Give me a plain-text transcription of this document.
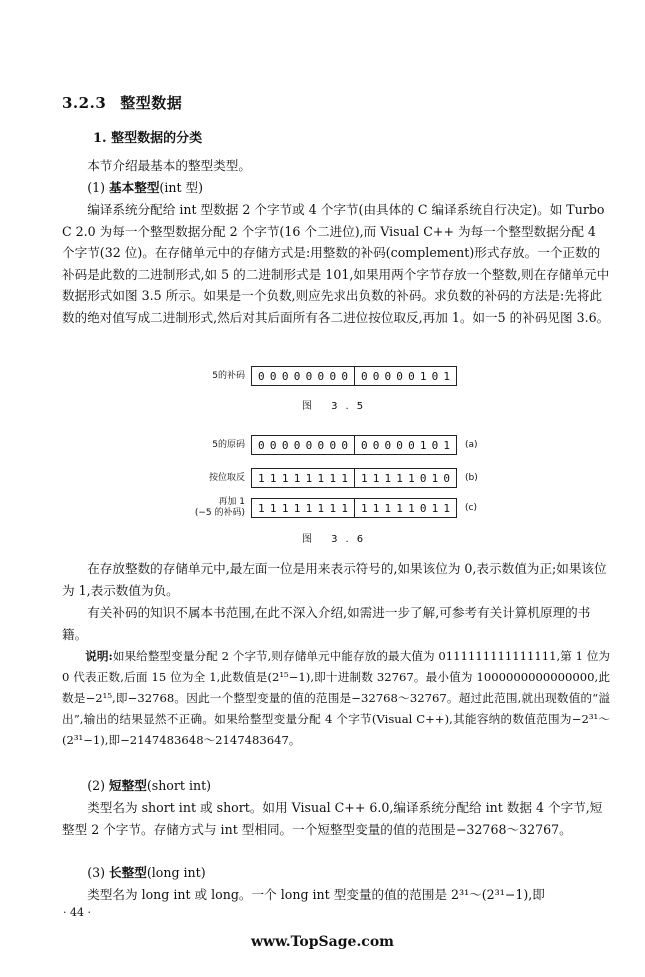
3.2.3 整型数据
1. 整型数据的分类
本节介绍最基本的整型类型。
(1) 基本整型(int 型)
编译系统分配给 int 型数据 2 个字节或 4 个字节(由具体的 C 编译系统自行决定)。如 Turbo C 2.0 为每一个整型数据分配 2 个字节(16 个二进位),而 Visual C++ 为每一个整型数据分配 4 个字节(32 位)。在存储单元中的存储方式是:用整数的补码(complement)形式存放。一个正数的补码是此数的二进制形式,如 5 的二进制形式是 101,如果用两个字节存放一个整数,则在存储单元中数据形式如图 3.5 所示。如果是一个负数,则应先求出负数的补码。求负数的补码的方法是:先将此数的绝对值写成二进制形式,然后对其后面所有各二进位按位取反,再加 1。如一5 的补码见图 3.6。
5的补码	0 0 0 0 0 0 0 0 0 0 0 0 0 1 0 1
图 3.5
5的原码	0 0 0 0 0 0 0 0 0 0 0 0 0 1 0 1 (a)
按位取反	1 1 1 1 1 1 1 1 1 1 1 1 1 0 1 0 (b)
再加 1
(−5 的补码) 1 1 1 1 1 1 1 1 1 1 1 1 1 0 1 1 (c)
图 3.6
在存放整数的存储单元中,最左面一位是用来表示符号的,如果该位为 0,表示数值为正;如果该位为 1,表示数值为负。
有关补码的知识不属本书范围,在此不深入介绍,如需进一步了解,可参考有关计算机原理的书籍。
说明:如果给整型变量分配 2 个字节,则存储单元中能存放的最大值为 0111111111111111,第 1 位为 0 代表正数,后面 15 位为全 1,此数值是(2¹⁵−1),即十进制数 32767。最小值为 1000000000000000,此数是−2¹⁵,即−32768。因此一个整型变量的值的范围是−32768～32767。超过此范围,就出现数值的“溢出”,输出的结果显然不正确。如果给整型变量分配 4 个字节(Visual C++),其能容纳的数值范围为−2³¹～(2³¹−1),即−2147483648～2147483647。
(2) 短整型(short int)
类型名为 short int 或 short。如用 Visual C++ 6.0,编译系统分配给 int 数据 4 个字节,短整型 2 个字节。存储方式与 int 型相同。一个短整型变量的值的范围是−32768～32767。
(3) 长整型(long int)
类型名为 long int 或 long。一个 long int 型变量的值的范围是 2³¹～(2³¹−1),即
· 44 ·
www.TopSage.com
